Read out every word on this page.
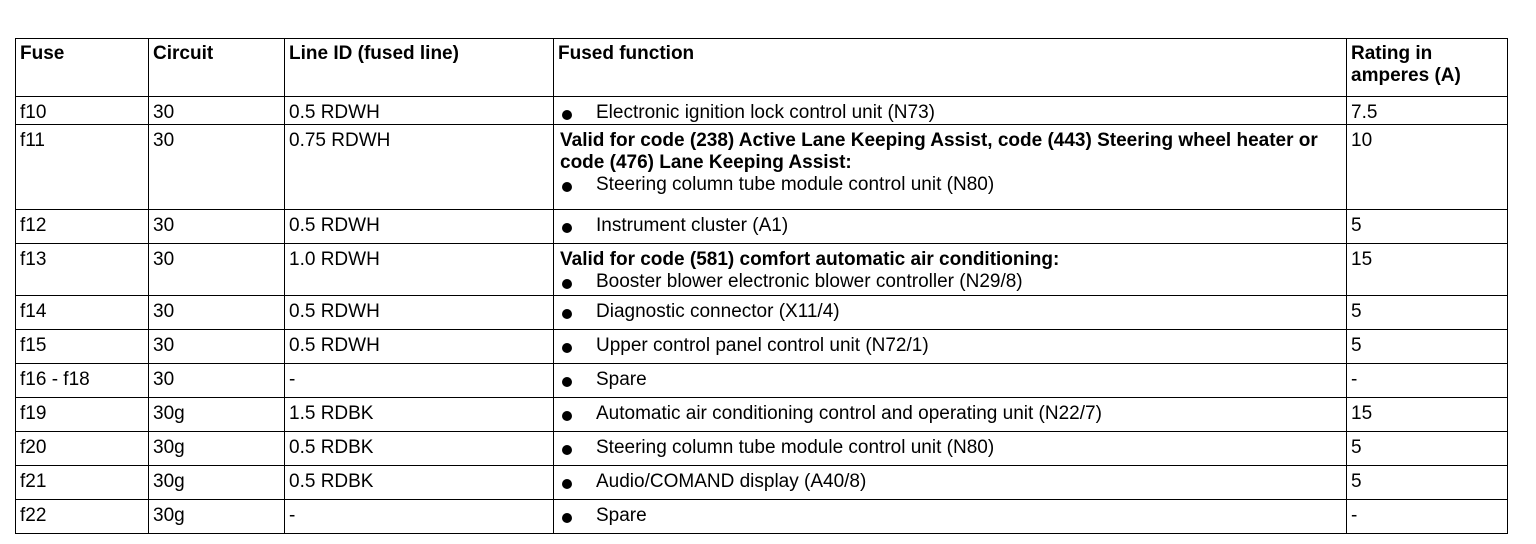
Fuse	Circuit	Line ID (fused line)	Fused function	Rating in amperes (A)
f10	30	0.5 RDWH	Electronic ignition lock control unit (N73)	7.5
f11	30	0.75 RDWH	Valid for code (238) Active Lane Keeping Assist, code (443) Steering wheel heater or code (476) Lane Keeping Assist:
Steering column tube module control unit (N80)	10
f12	30	0.5 RDWH	Instrument cluster (A1)	5
f13	30	1.0 RDWH	Valid for code (581) comfort automatic air conditioning:
Booster blower electronic blower controller (N29/8)	15
f14	30	0.5 RDWH	Diagnostic connector (X11/4)	5
f15	30	0.5 RDWH	Upper control panel control unit (N72/1)	5
f16 - f18	30	-	Spare	-
f19	30g	1.5 RDBK	Automatic air conditioning control and operating unit (N22/7)	15
f20	30g	0.5 RDBK	Steering column tube module control unit (N80)	5
f21	30g	0.5 RDBK	Audio/COMAND display (A40/8)	5
f22	30g	-	Spare	-
